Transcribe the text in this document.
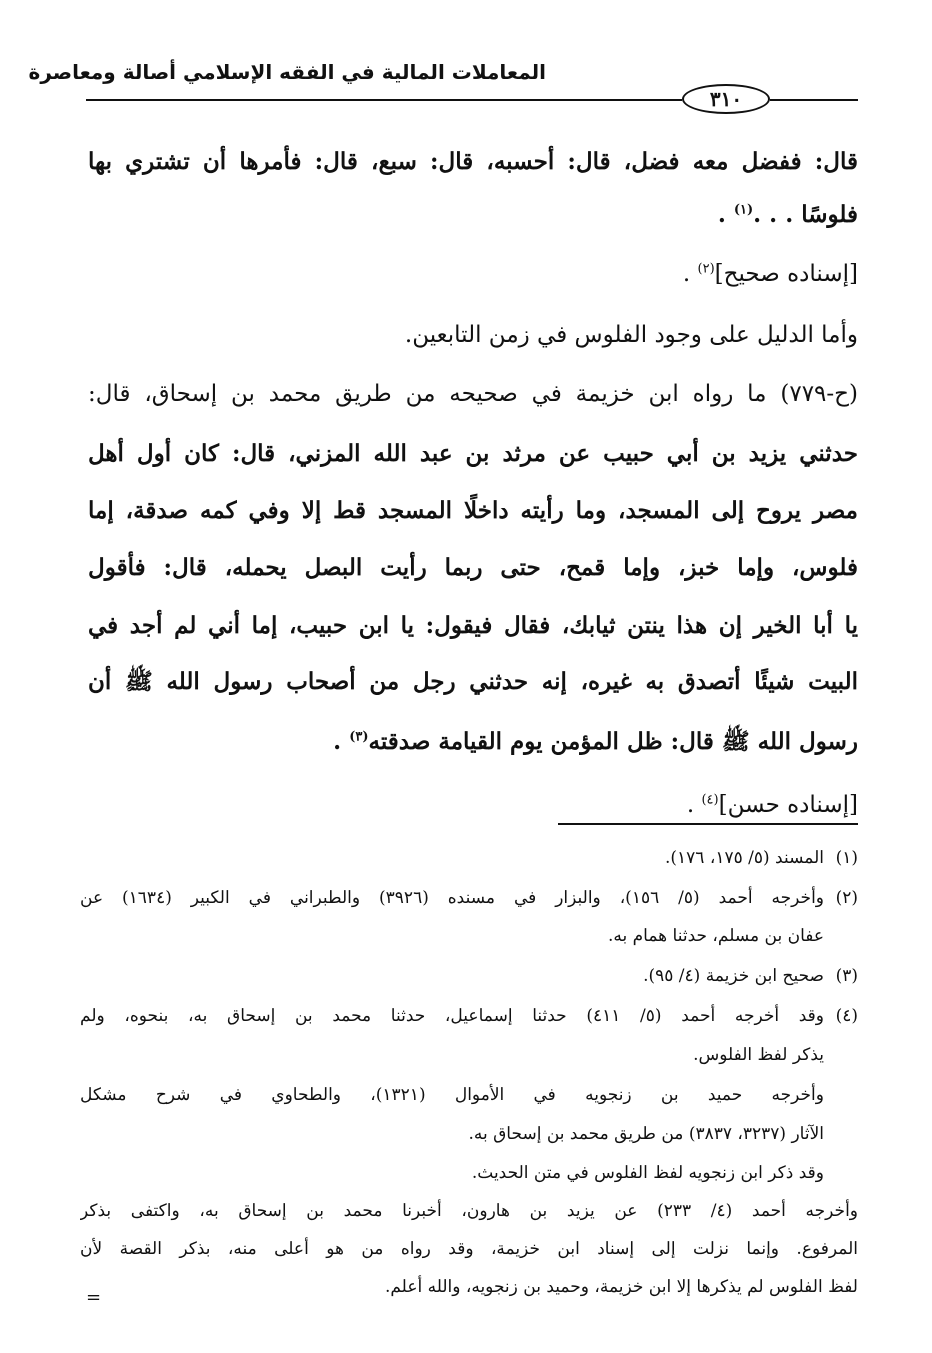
المعاملات المالية في الفقه الإسلامي أصالة ومعاصرة
٣١٠
قال: ففضل معه فضل، قال: أحسبه، قال: سبع، قال: فأمرها أن تشتري بها
فلوسًا . . .$^{(١)}$ .
[إسناده صحيح]$^{(٢)}$ .
وأما الدليل على وجود الفلوس في زمن التابعين.
(ح-٧٧٩) ما رواه ابن خزيمة في صحيحه من طريق محمد بن إسحاق، قال:
حدثني يزيد بن أبي حبيب عن مرثد بن عبد الله المزني، قال: كان أول أهل
مصر يروح إلى المسجد، وما رأيته داخلًا المسجد قط إلا وفي كمه صدقة، إما
فلوس، وإما خبز، وإما قمح، حتى ربما رأيت البصل يحمله، قال: فأقول
يا أبا الخير إن هذا ينتن ثيابك، فقال فيقول: يا ابن حبيب، إما أني لم أجد في
البيت شيئًا أتصدق به غيره، إنه حدثني رجل من أصحاب رسول الله ﷺ أن
رسول الله ﷺ قال: ظل المؤمن يوم القيامة صدقته$^{(٣)}$ .
[إسناده حسن]$^{(٤)}$ .
(١)المسند (٥/ ١٧٥، ١٧٦).
(٢)وأخرجه أحمد (٥/ ١٥٦)، والبزار في مسنده (٣٩٢٦) والطبراني في الكبير (١٦٣٤) عن
عفان بن مسلم، حدثنا همام به.
(٣)صحيح ابن خزيمة (٤/ ٩٥).
(٤)وقد أخرجه أحمد (٥/ ٤١١) حدثنا إسماعيل، حدثنا محمد بن إسحاق به، بنحوه، ولم
يذكر لفظ الفلوس.
وأخرجه حميد بن زنجويه في الأموال (١٣٢١)، والطحاوي في شرح مشكل
الآثار (٣٢٣٧، ٣٨٣٧) من طريق محمد بن إسحاق به.
وقد ذكر ابن زنجويه لفظ الفلوس في متن الحديث.
وأخرجه أحمد (٤/ ٢٣٣) عن يزيد بن هارون، أخبرنا محمد بن إسحاق به، واكتفى بذكر
المرفوع. وإنما نزلت إلى إسناد ابن خزيمة، وقد رواه من هو أعلى منه، بذكر القصة لأن
لفظ الفلوس لم يذكرها إلا ابن خزيمة، وحميد بن زنجويه، والله أعلم.
=
